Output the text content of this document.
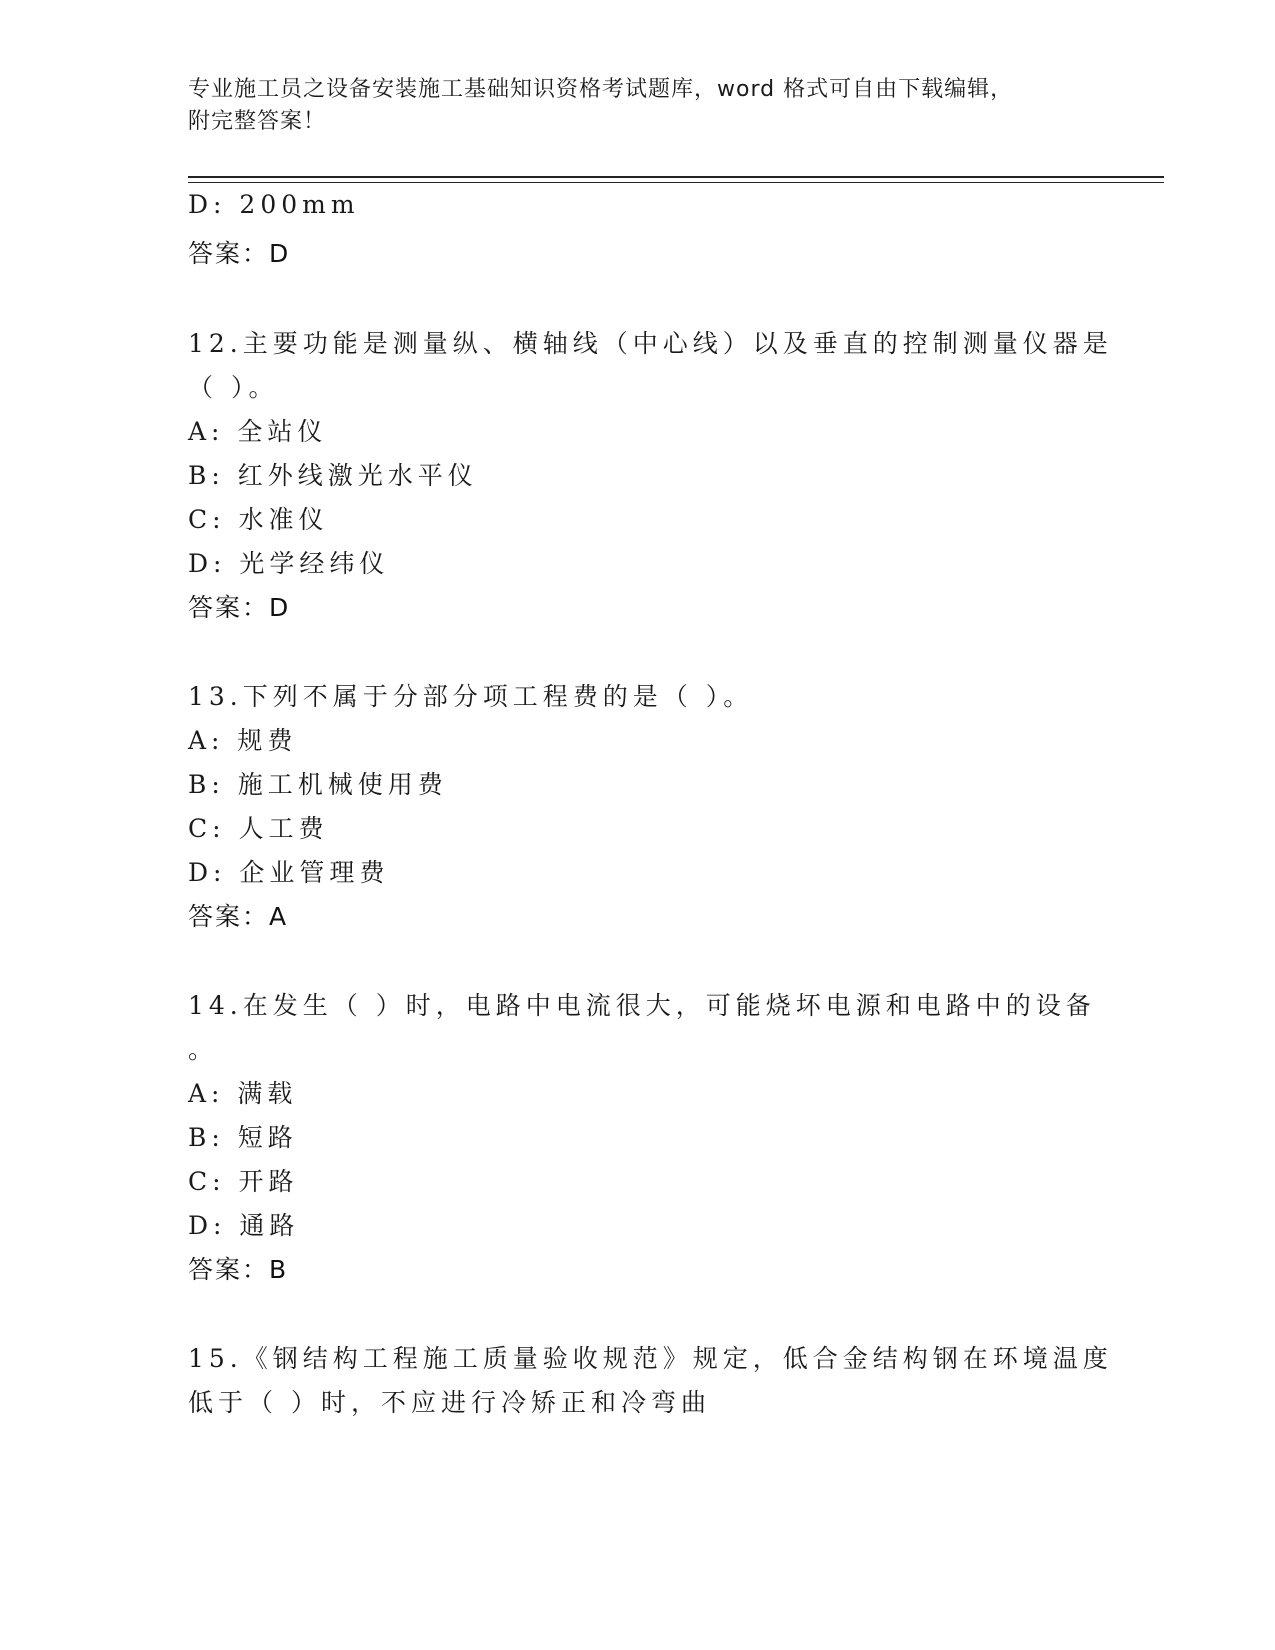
专业施工员之设备安装施工基础知识资格考试题库，word 格式可自由下载编辑，
附完整答案！
D: 200mm
答案：D
12.主要功能是测量纵、横轴线（中心线）以及垂直的控制测量仪器是
（ ）。
A: 全站仪
B: 红外线激光水平仪
C: 水准仪
D: 光学经纬仪
答案：D
13.下列不属于分部分项工程费的是（ ）。
A: 规费
B: 施工机械使用费
C: 人工费
D: 企业管理费
答案：A
14.在发生（ ）时，电路中电流很大，可能烧坏电源和电路中的设备
。
A: 满载
B: 短路
C: 开路
D: 通路
答案：B
15.《钢结构工程施工质量验收规范》规定，低合金结构钢在环境温度
低于（ ）时，不应进行冷矫正和冷弯曲
